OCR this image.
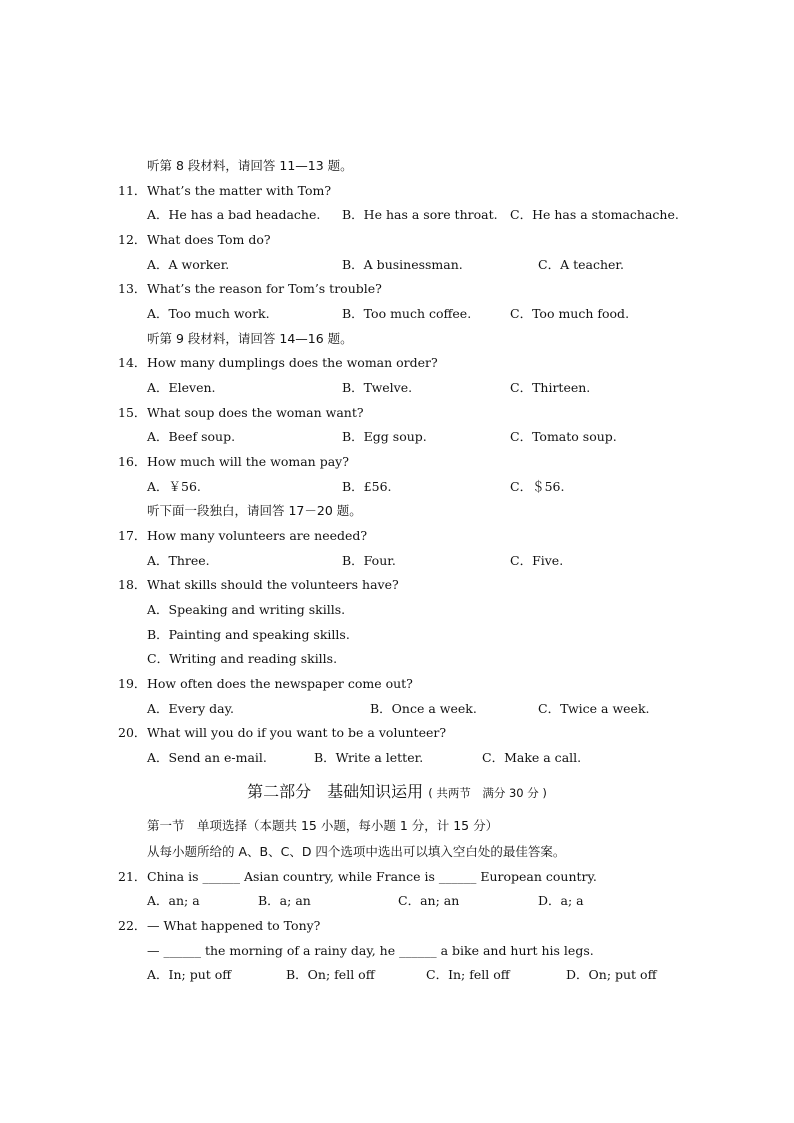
听第 8 段材料，请回答 11—13 题。
11． What’s the matter with Tom?
A．He has a bad headache. B．He has a sore throat. C．He has a stomachache.
12． What does Tom do?
A．A worker.	B．A businessman.	C．A teacher.
13． What’s the reason for Tom’s trouble?
A．Too much work.	B．Too much coffee.	C．Too much food.
听第 9 段材料，请回答 14—16 题。
14． How many dumplings does the woman order?
A．Eleven.	B．Twelve.	C．Thirteen.
15． What soup does the woman want?
A．Beef soup.	B．Egg soup.	C．Tomato soup.
16． How much will the woman pay?
A．￥56.	B．£56.	C．＄56.
听下面一段独白，请回答 17－20 题。
17． How many volunteers are needed?
A．Three.	B．Four.	C．Five.
18． What skills should the volunteers have?
A．Speaking and writing skills.
B．Painting and speaking skills.
C．Writing and reading skills.
19． How often does the newspaper come out?
A．Every day.	B．Once a week.	C．Twice a week.
20． What will you do if you want to be a volunteer?
A．Send an e-mail.	B．Write a letter.	C．Make a call.
第二部分　基础知识运用 ( 共两节　满分 30 分 )
第一节　单项选择（本题共 15 小题，每小题 1 分，计 15 分）
从每小题所给的 A、B、C、D 四个选项中选出可以填入空白处的最佳答案。
21． China is ______ Asian country, while France is ______ European country.
A．an; a	B．a; an	C．an; an	D．a; a
22． — What happened to Tony?
— ______ the morning of a rainy day, he ______ a bike and hurt his legs.
A．In; put off	B．On; fell off	C．In; fell off	D．On; put off
